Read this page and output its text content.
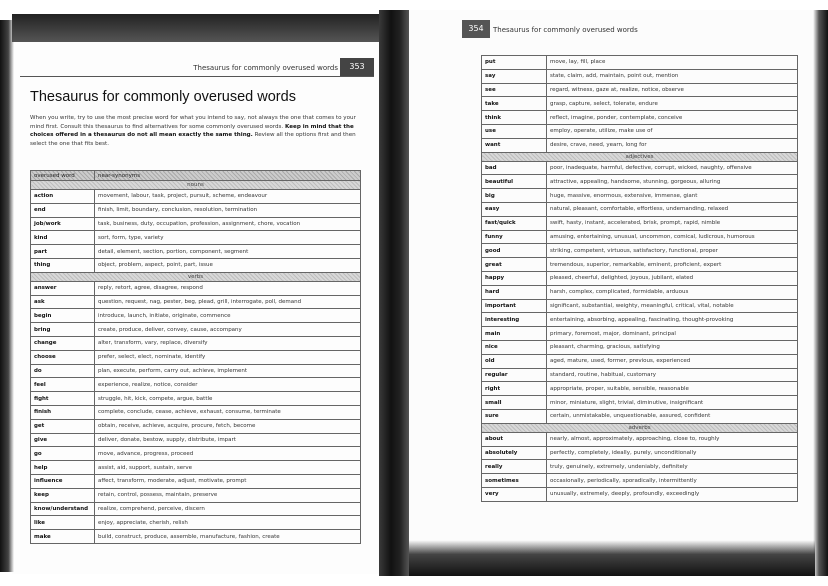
Thesaurus for commonly overused words	353
Thesaurus for commonly overused words
When you write, try to use the most precise word for what you intend to say, not always the one that comes to your mind first. Consult this thesaurus to find alternatives for some commonly overused words. Keep in mind that the choices offered in a thesaurus do not all mean exactly the same thing. Review all the options first and then select the one that fits best.
overused word	near-synonyms
nouns	
action	movement, labour, task, project, pursuit, scheme, endeavour
end	finish, limit, boundary, conclusion, resolution, termination
job/work	task, business, duty, occupation, profession, assignment, chore, vocation
kind	sort, form, type, variety
part	detail, element, section, portion, component, segment
thing	object, problem, aspect, point, part, issue
verbs	
answer	reply, retort, agree, disagree, respond
ask	question, request, nag, pester, beg, plead, grill, interrogate, poll, demand
begin	introduce, launch, initiate, originate, commence
bring	create, produce, deliver, convey, cause, accompany
change	alter, transform, vary, replace, diversify
choose	prefer, select, elect, nominate, identify
do	plan, execute, perform, carry out, achieve, implement
feel	experience, realize, notice, consider
fight	struggle, hit, kick, compete, argue, battle
finish	complete, conclude, cease, achieve, exhaust, consume, terminate
get	obtain, receive, achieve, acquire, procure, fetch, become
give	deliver, donate, bestow, supply, distribute, impart
go	move, advance, progress, proceed
help	assist, aid, support, sustain, serve
influence	affect, transform, moderate, adjust, motivate, prompt
keep	retain, control, possess, maintain, preserve
know/understand	realize, comprehend, perceive, discern
like	enjoy, appreciate, cherish, relish
make	build, construct, produce, assemble, manufacture, fashion, create
354	Thesaurus for commonly overused words
put	move, lay, fill, place
say	state, claim, add, maintain, point out, mention
see	regard, witness, gaze at, realize, notice, observe
take	grasp, capture, select, tolerate, endure
think	reflect, imagine, ponder, contemplate, conceive
use	employ, operate, utilize, make use of
want	desire, crave, need, yearn, long for
adjectives	
bad	poor, inadequate, harmful, defective, corrupt, wicked, naughty, offensive
beautiful	attractive, appealing, handsome, stunning, gorgeous, alluring
big	huge, massive, enormous, extensive, immense, giant
easy	natural, pleasant, comfortable, effortless, undemanding, relaxed
fast/quick	swift, hasty, instant, accelerated, brisk, prompt, rapid, nimble
funny	amusing, entertaining, unusual, uncommon, comical, ludicrous, humorous
good	striking, competent, virtuous, satisfactory, functional, proper
great	tremendous, superior, remarkable, eminent, proficient, expert
happy	pleased, cheerful, delighted, joyous, jubilant, elated
hard	harsh, complex, complicated, formidable, arduous
important	significant, substantial, weighty, meaningful, critical, vital, notable
interesting	entertaining, absorbing, appealing, fascinating, thought-provoking
main	primary, foremost, major, dominant, principal
nice	pleasant, charming, gracious, satisfying
old	aged, mature, used, former, previous, experienced
regular	standard, routine, habitual, customary
right	appropriate, proper, suitable, sensible, reasonable
small	minor, miniature, slight, trivial, diminutive, insignificant
sure	certain, unmistakable, unquestionable, assured, confident
adverbs	
about	nearly, almost, approximately, approaching, close to, roughly
absolutely	perfectly, completely, ideally, purely, unconditionally
really	truly, genuinely, extremely, undeniably, definitely
sometimes	occasionally, periodically, sporadically, intermittently
very	unusually, extremely, deeply, profoundly, exceedingly
